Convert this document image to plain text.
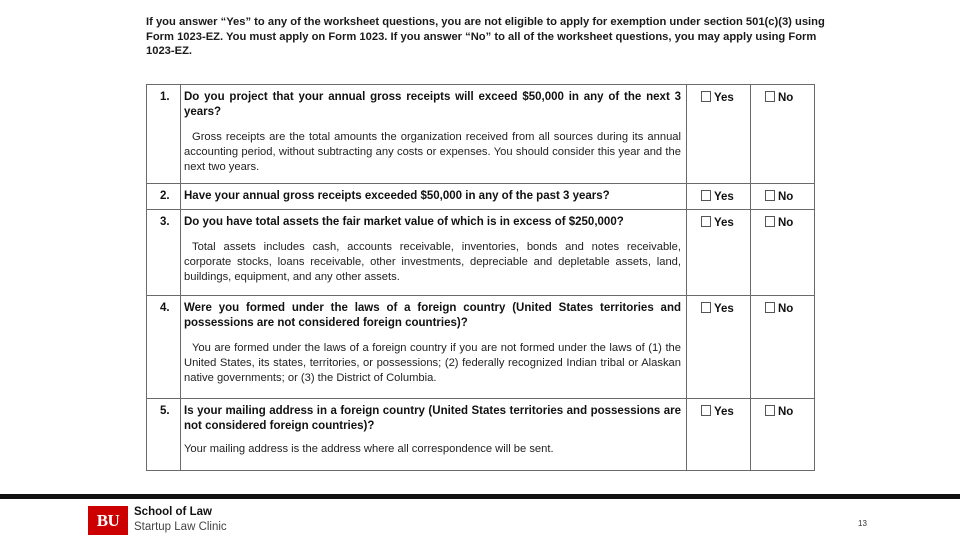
If you answer “Yes” to any of the worksheet questions, you are not eligible to apply for exemption under section 501(c)(3) using Form 1023-EZ. You must apply on Form 1023. If you answer “No” to all of the worksheet questions, you may apply using Form 1023-EZ.
1.	Do you project that your annual gross receipts will exceed $50,000 in any of the next 3 years?
Gross receipts are the total amounts the organization received from all sources during its annual accounting period, without subtracting any costs or expenses. You should consider this year and the next two years.	Yes	No
2.	Have your annual gross receipts exceeded $50,000 in any of the past 3 years?	Yes	No
3.	Do you have total assets the fair market value of which is in excess of $250,000?
Total assets includes cash, accounts receivable, inventories, bonds and notes receivable, corporate stocks, loans receivable, other investments, depreciable and depletable assets, land, buildings, equipment, and any other assets.	Yes	No
4.	Were you formed under the laws of a foreign country (United States territories and possessions are not considered foreign countries)?
You are formed under the laws of a foreign country if you are not formed under the laws of (1) the United States, its states, territories, or possessions; (2) federally recognized Indian tribal or Alaskan native governments; or (3) the District of Columbia.	Yes	No
5.	Is your mailing address in a foreign country (United States territories and possessions are not considered foreign countries)?
Your mailing address is the address where all correspondence will be sent.	Yes	No
BU	School of Law
Startup Law Clinic	13
